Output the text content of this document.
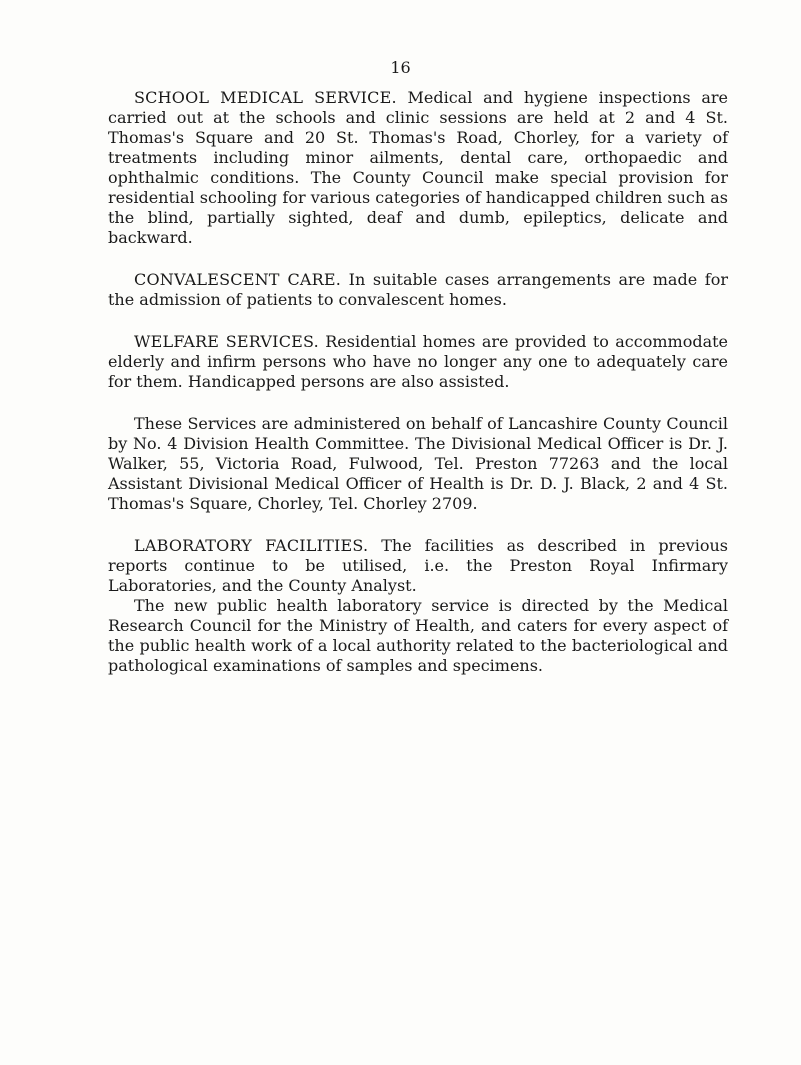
16

SCHOOL MEDICAL SERVICE. Medical and hygiene inspections are carried out at the schools and clinic sessions are held at 2 and 4 St. Thomas's Square and 20 St. Thomas's Road, Chorley, for a variety of treatments including minor ailments, dental care, orthopaedic and ophthalmic conditions. The County Council make special provision for residential schooling for various categories of handicapped children such as the blind, partially sighted, deaf and dumb, epileptics, delicate and backward.

CONVALESCENT CARE. In suitable cases arrangements are made for the admission of patients to convalescent homes.

WELFARE SERVICES. Residential homes are provided to accommodate elderly and infirm persons who have no longer any one to adequately care for them. Handicapped persons are also assisted.

These Services are administered on behalf of Lancashire County Council by No. 4 Division Health Committee. The Divisional Medical Officer is Dr. J. Walker, 55, Victoria Road, Fulwood, Tel. Preston 77263 and the local Assistant Divisional Medical Officer of Health is Dr. D. J. Black, 2 and 4 St. Thomas's Square, Chorley, Tel. Chorley 2709.

LABORATORY FACILITIES. The facilities as described in previous reports continue to be utilised, i.e. the Preston Royal Infirmary Laboratories, and the County Analyst.

The new public health laboratory service is directed by the Medical Research Council for the Ministry of Health, and caters for every aspect of the public health work of a local authority related to the bacteriological and pathological examinations of samples and specimens.
